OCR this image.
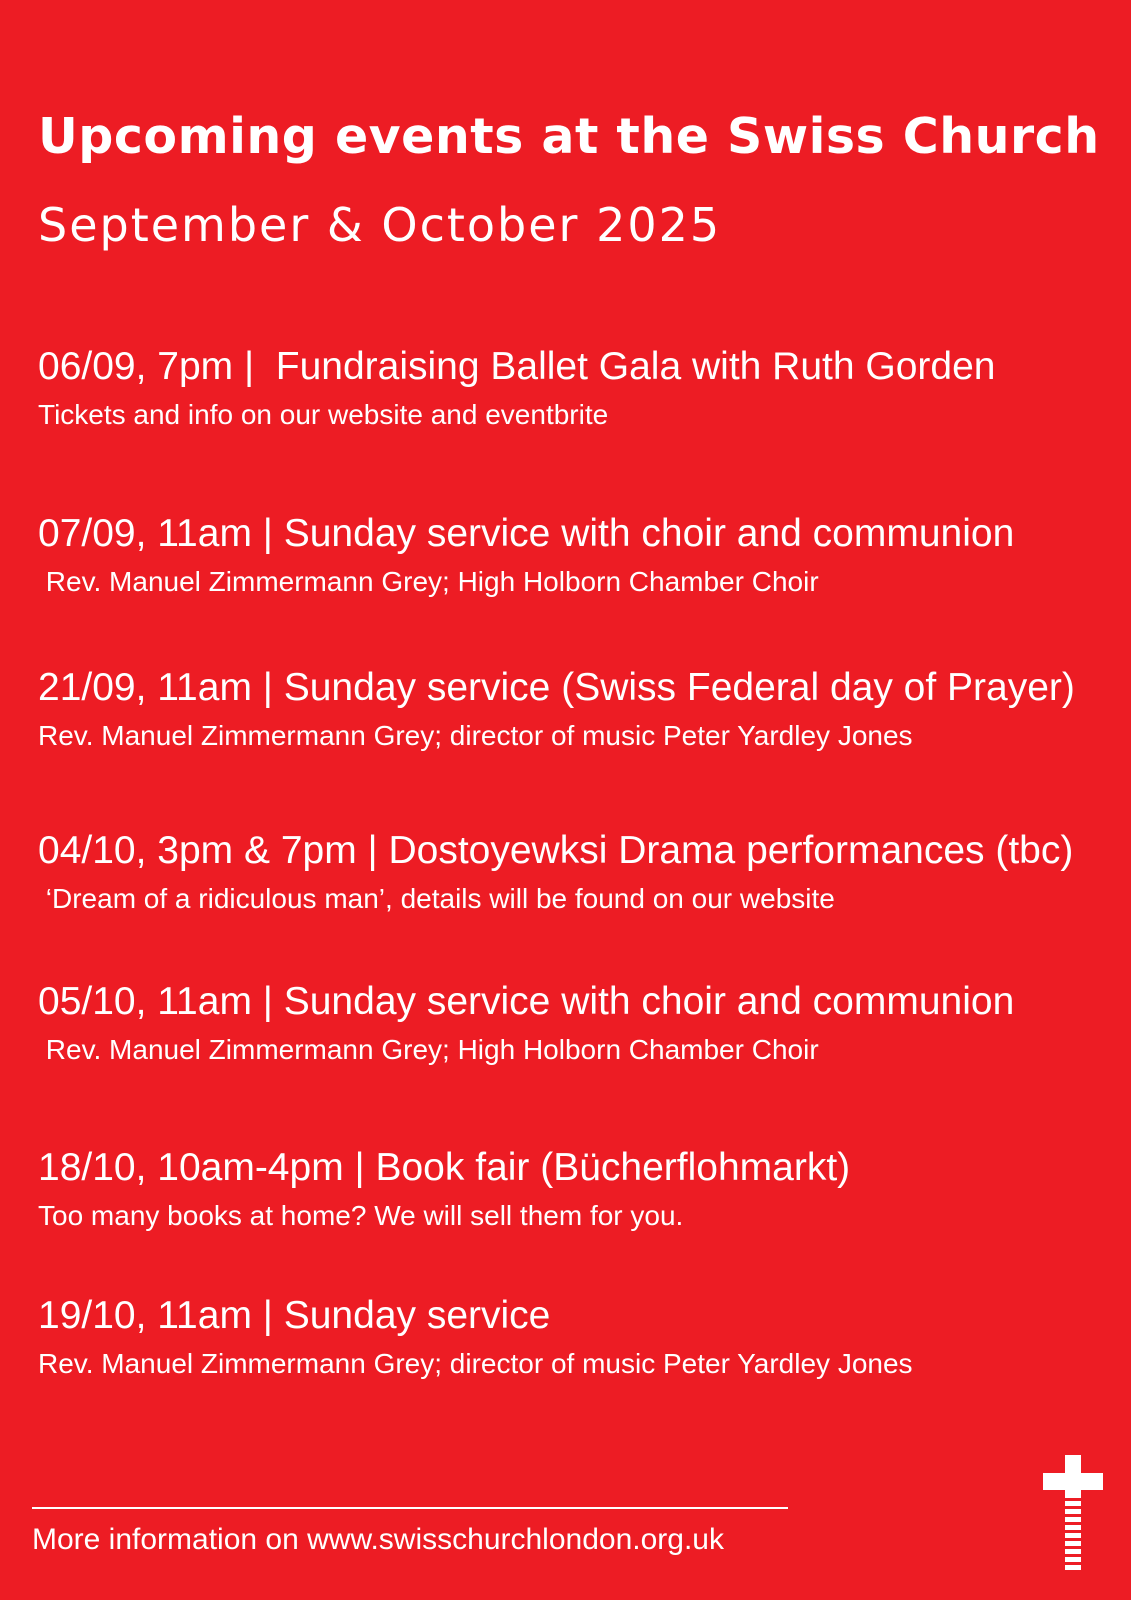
Upcoming events at the Swiss Church
September & October 2025
06/09, 7pm |  Fundraising Ballet Gala with Ruth Gorden
Tickets and info on our website and eventbrite
07/09, 11am | Sunday service with choir and communion
Rev. Manuel Zimmermann Grey; High Holborn Chamber Choir
21/09, 11am | Sunday service (Swiss Federal day of Prayer)
Rev. Manuel Zimmermann Grey; director of music Peter Yardley Jones
04/10, 3pm & 7pm | Dostoyewksi Drama performances (tbc)
‘Dream of a ridiculous man’, details will be found on our website
05/10, 11am | Sunday service with choir and communion
Rev. Manuel Zimmermann Grey; High Holborn Chamber Choir
18/10, 10am-4pm | Book fair (Bücherflohmarkt)
Too many books at home? We will sell them for you.
19/10, 11am | Sunday service
Rev. Manuel Zimmermann Grey; director of music Peter Yardley Jones
More information on www.swisschurchlondon.org.uk
